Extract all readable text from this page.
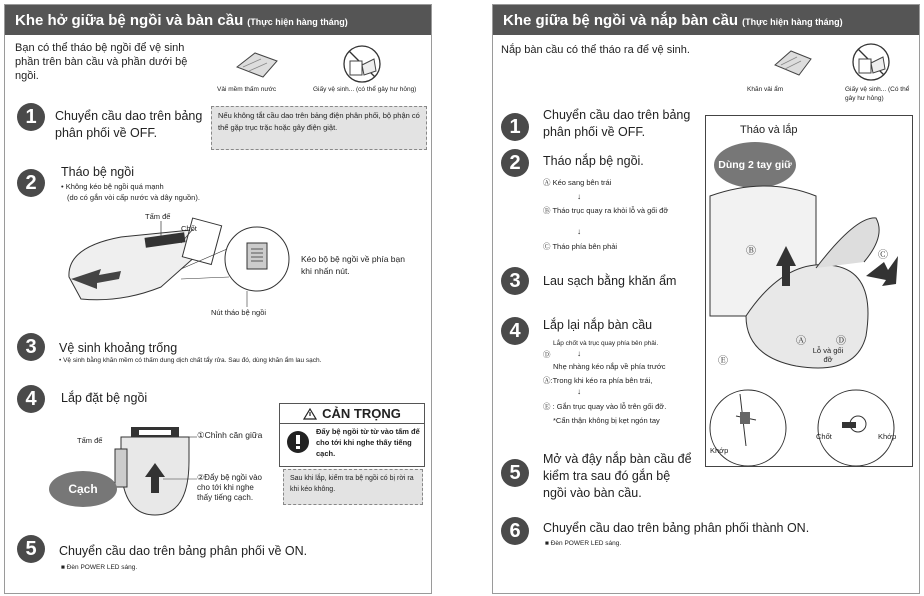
Khe hở giữa bệ ngồi và bàn cầu (Thực hiện hàng tháng)
Bạn có thể tháo bệ ngồi để vệ sinh phần trên bàn cầu và phần dưới bệ ngồi.
Vải mềm thấm nước	Giấy vệ sinh... (có thể gây hư hỏng)
1	Chuyển cầu dao trên bảng phân phối về OFF.
Nếu không tắt cầu dao trên bảng điện phân phối, bộ phận có thể gặp trục trặc hoặc gây điện giật.
2	Tháo bệ ngồi
• Không kéo bệ ngồi quá mạnh
(do có gắn vòi cấp nước và dây nguồn).
Tấm đế
Chốt
Nút tháo bệ ngồi
Kéo bộ bệ ngồi về phía bạn khi nhấn nút.
3	Vệ sinh khoảng trống
• Vệ sinh bằng khăn mềm có thấm dung dịch chất tẩy rửa. Sau đó, dùng khăn ẩm lau sạch.
4	Lắp đặt bệ ngồi
Tấm đế
Cạch
①Chỉnh căn giữa
②Đẩy bệ ngồi vào cho tới khi nghe thấy tiếng cạch.
CẢN TRỌNG
Đẩy bệ ngồi từ từ vào tấm đế cho tới khi nghe thấy tiếng cạch.
Sau khi lắp, kiểm tra bệ ngồi có bị rời ra khi kéo không.
5	Chuyển cầu dao trên bảng phân phối về ON.
■ Đèn POWER LED sáng.
Khe giữa bệ ngồi và nắp bàn cầu (Thực hiện hàng tháng)
Nắp bàn cầu có thể tháo ra để vệ sinh.
Khăn vải ẩm	Giấy vệ sinh... (Có thể gây hư hỏng)
1
Chuyển cầu dao trên bảng phân phối về OFF.
2	Tháo nắp bệ ngồi.
Ⓐ Kéo sang bên trái
↓
Ⓑ Tháo trục quay ra khỏi lỗ và gối đỡ
↓
Ⓒ Tháo phía bên phải
3	Lau sạch bằng khăn ẩm
4	Lắp lại nắp bàn cầu
Lắp chốt và trục quay phía bên phải.
Ⓓ	↓
Nhẹ nhàng kéo nắp về phía trước
Ⓐ:Trong khi kéo ra phía bên trái,
↓
Ⓔ : Gắn trục quay vào lỗ trên gối đỡ.
*Cẩn thận không bị kẹt ngón tay
5
Mở và đậy nắp bàn cầu để kiểm tra sau đó gắn bệ ngồi vào bàn cầu.
6	Chuyển cầu dao trên bảng phân phối thành ON.
■ Đèn POWER LED sáng.
Tháo và lắp
Dùng 2 tay giữ
Ⓑ	Ⓒ
Ⓐ	Ⓓ
Ⓔ
Lỗ và gối đỡ
Khớp
Chốt	Khớp
